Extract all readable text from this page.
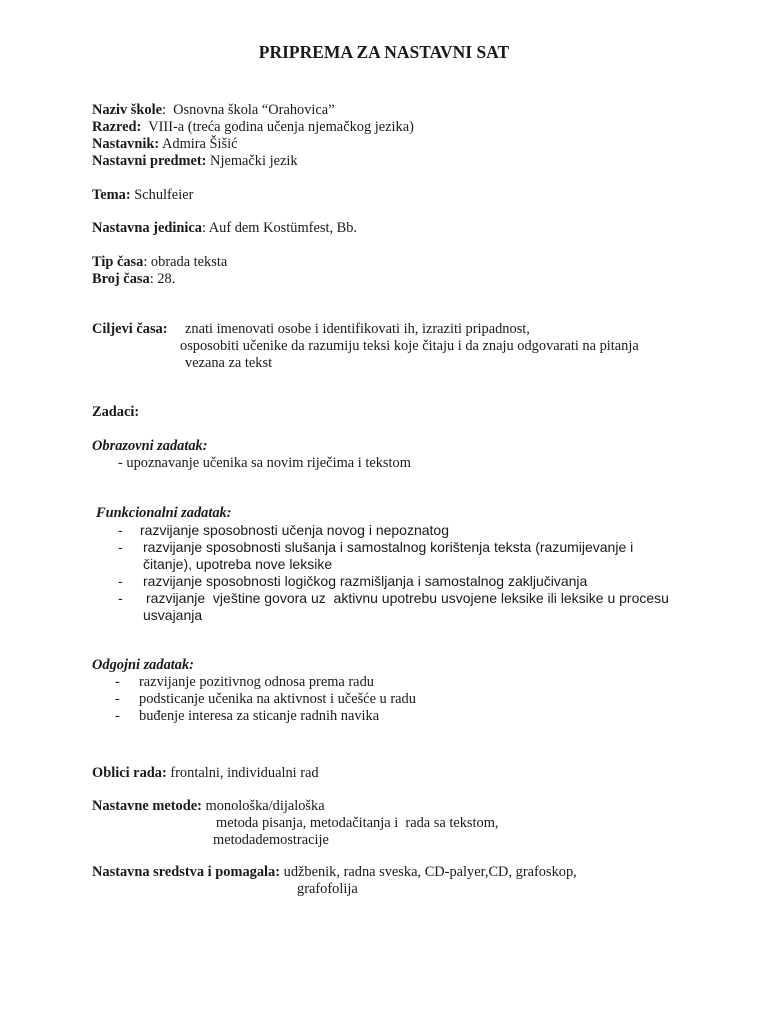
PRIPREMA ZA NASTAVNI SAT
Naziv škole:  Osnovna škola “Orahovica”
Razred:  VIII-a (treća godina učenja njemačkog jezika)
Nastavnik: Admira Šišić
Nastavni predmet: Njemački jezik
Tema: Schulfeier
Nastavna jedinica: Auf dem Kostümfest, Bb.
Tip časa: obrada teksta
Broj časa: 28.
Ciljevi časa: znati imenovati osobe i identifikovati ih, izraziti pripadnost,
osposobiti učenike da razumiju teksi koje čitaju i da znaju odgovarati na pitanja
vezana za tekst
Zadaci:
Obrazovni zadatak:
- upoznavanje učenika sa novim riječima i tekstom
Funkcionalni zadatak:
- razvijanje sposobnosti učenja novog i nepoznatog
- razvijanje sposobnosti slušanja i samostalnog korištenja teksta (razumijevanje i
čitanje), upotreba nove leksike
- razvijanje sposobnosti logičkog razmišljanja i samostalnog zaključivanja
- razvijanje  vještine govora uz  aktivnu upotrebu usvojene leksike ili leksike u procesu
usvajanja
Odgojni zadatak:
- razvijanje pozitivnog odnosa prema radu
- podsticanje učenika na aktivnost i učešće u radu
- buđenje interesa za sticanje radnih navika
Oblici rada: frontalni, individualni rad
Nastavne metode: monološka/dijaloška
metoda pisanja, metodačitanja i  rada sa tekstom,
metodademostracije
Nastavna sredstva i pomagala: udžbenik, radna sveska, CD-palyer,CD, grafoskop,
grafofolija
